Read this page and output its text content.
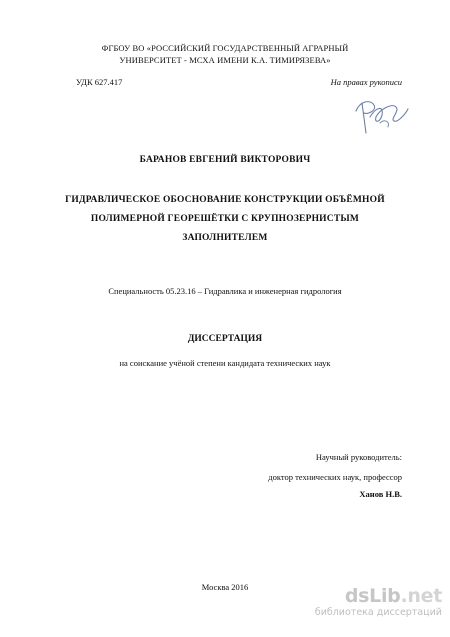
ФГБОУ ВО «РОССИЙСКИЙ ГОСУДАРСТВЕННЫЙ АГРАРНЫЙ
УНИВЕРСИТЕТ - МСХА ИМЕНИ К.А. ТИМИРЯЗЕВА»
УДК 627.417	На правах рукописи
БАРАНОВ ЕВГЕНИЙ ВИКТОРОВИЧ
ГИДРАВЛИЧЕСКОЕ ОБОСНОВАНИЕ КОНСТРУКЦИИ ОБЪЁМНОЙ
ПОЛИМЕРНОЙ ГЕОРЕШЁТКИ С КРУПНОЗЕРНИСТЫМ
ЗАПОЛНИТЕЛЕМ
Специальность 05.23.16 – Гидравлика и инженерная гидрология
ДИССЕРТАЦИЯ
на соискание учёной степени кандидата технических наук
Научный руководитель:
доктор технических наук, профессор
Ханов Н.В.
Москва 2016	dsLib.net
библиотека диссертаций
